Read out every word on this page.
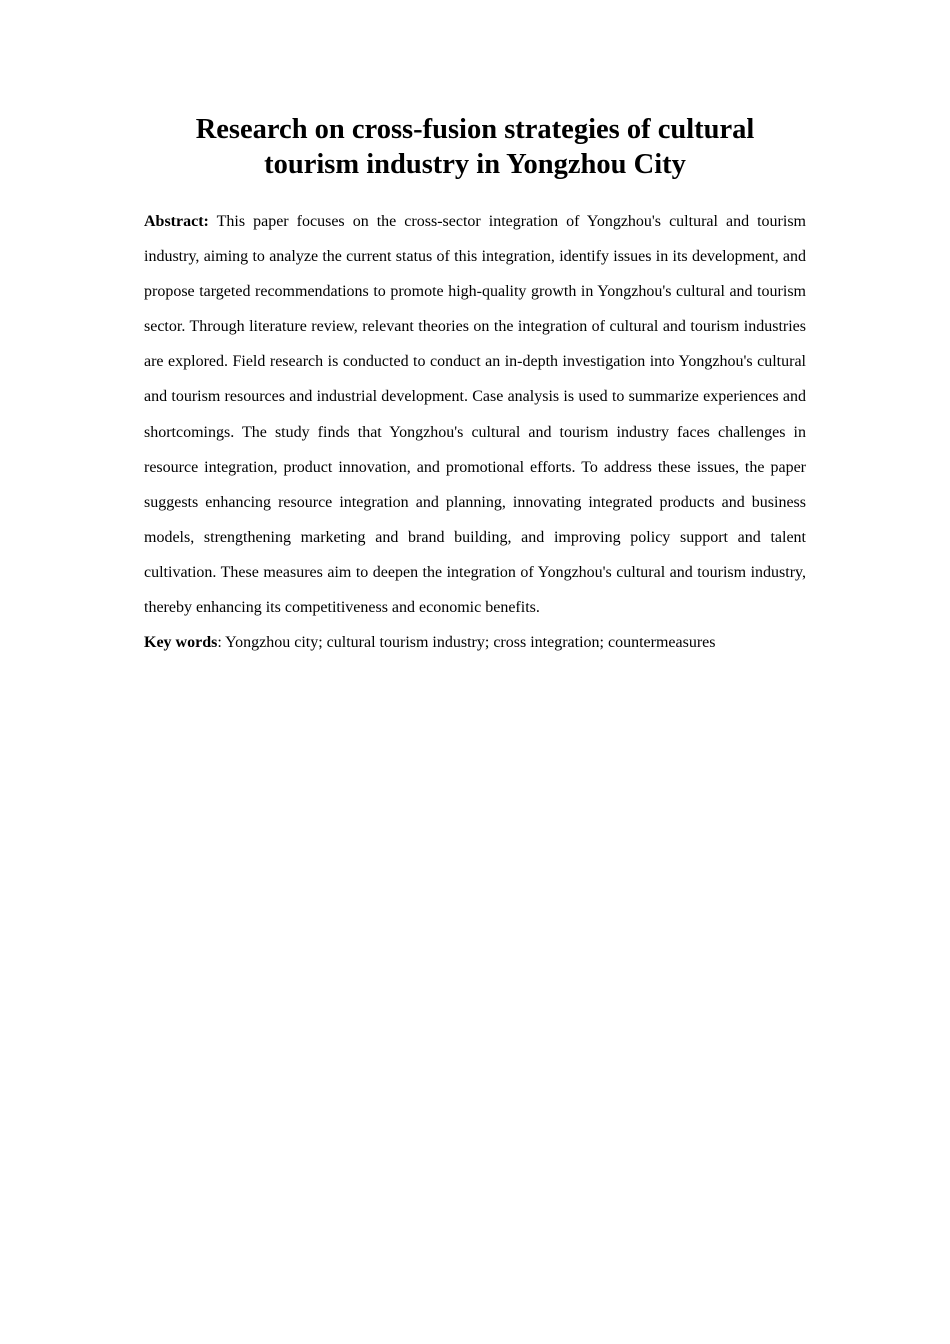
Research on cross-fusion strategies of cultural
tourism industry in Yongzhou City

Abstract: This paper focuses on the cross-sector integration of Yongzhou's cultural and tourism industry, aiming to analyze the current status of this integration, identify issues in its development, and propose targeted recommendations to promote high-quality growth in Yongzhou's cultural and tourism sector. Through literature review, relevant theories on the integration of cultural and tourism industries are explored. Field research is conducted to conduct an in-depth investigation into Yongzhou's cultural and tourism resources and industrial development. Case analysis is used to summarize experiences and shortcomings. The study finds that Yongzhou's cultural and tourism industry faces challenges in resource integration, product innovation, and promotional efforts. To address these issues, the paper suggests enhancing resource integration and planning, innovating integrated products and business models, strengthening marketing and brand building, and improving policy support and talent cultivation. These measures aim to deepen the integration of Yongzhou's cultural and tourism industry, thereby enhancing its competitiveness and economic benefits.

Key words: Yongzhou city; cultural tourism industry; cross integration; countermeasures
